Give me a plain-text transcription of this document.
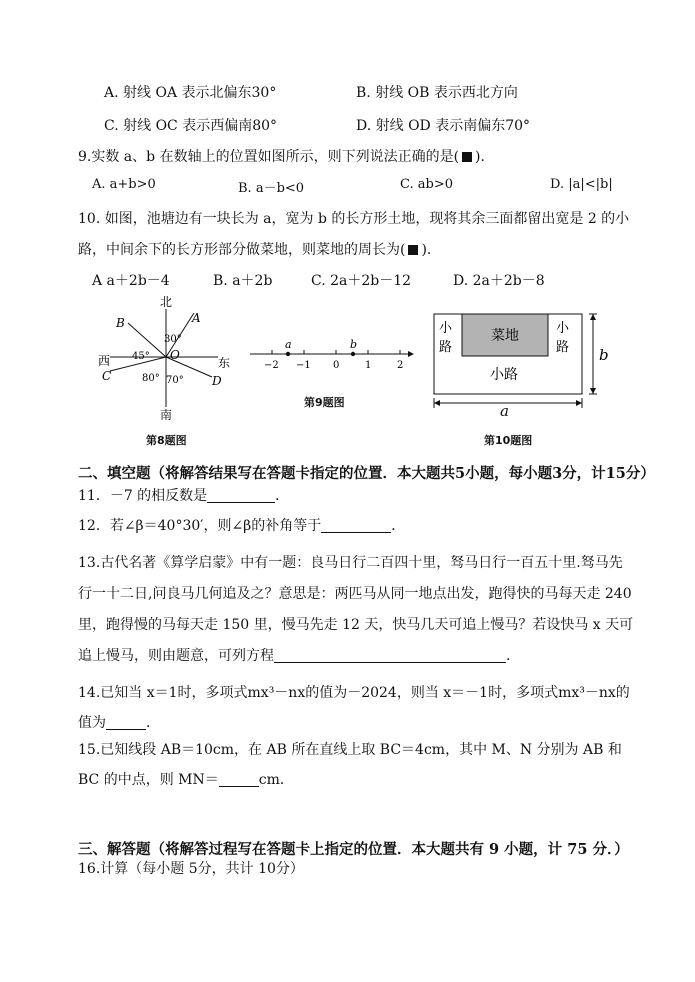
A. 射线 OA 表示北偏东30°	B. 射线 OB 表示西北方向
C. 射线 OC 表示西偏南80°	D. 射线 OD 表示南偏东70°
9.实数 a、b 在数轴上的位置如图所示，则下列说法正确的是( ).
A. a+b>0	B. a－b<0	C. ab>0	D. |a|<|b|
10. 如图，池塘边有一块长为 a，宽为 b 的长方形土地，现将其余三面都留出宽是 2 的小
路，中间余下的长方形部分做菜地，则菜地的周长为( ).
A a＋2b－4	B. a＋2b	C. 2a＋2b－12	D. 2a＋2b－8
北
南
东
西
A
B
C	D
O
30°
45°
80° 70°
第8题图
a	b
−2 −1 0	1	2
第9题图
菜地
小
路
小
路
小路
b
a
第10题图
二、填空题（将解答结果写在答题卡指定的位置．本大题共5小题，每小题3分，计15分）
11．－7 的相反数是	．
12．若∠β＝40°30′，则∠β的补角等于	．
13.古代名著《算学启蒙》中有一题：良马日行二百四十里，驽马日行一百五十里.驽马先
行一十二日,问良马几何追及之？意思是：两匹马从同一地点出发，跑得快的马每天走 240
里，跑得慢的马每天走 150 里，慢马先走 12 天，快马几天可追上慢马？若设快马 x 天可
追上慢马，则由题意，可列方程	.
14.已知当 x＝1时，多项式mx³－nx的值为－2024，则当 x＝－1时，多项式mx³－nx的
值为	．
15.已知线段 AB＝10cm，在 AB 所在直线上取 BC＝4cm，其中 M、N 分别为 AB 和
BC 的中点，则 MN＝	cm．
三、解答题（将解答过程写在答题卡上指定的位置．本大题共有 9 小题，计 75 分．）
16.计算（每小题 5分，共计 10分）
